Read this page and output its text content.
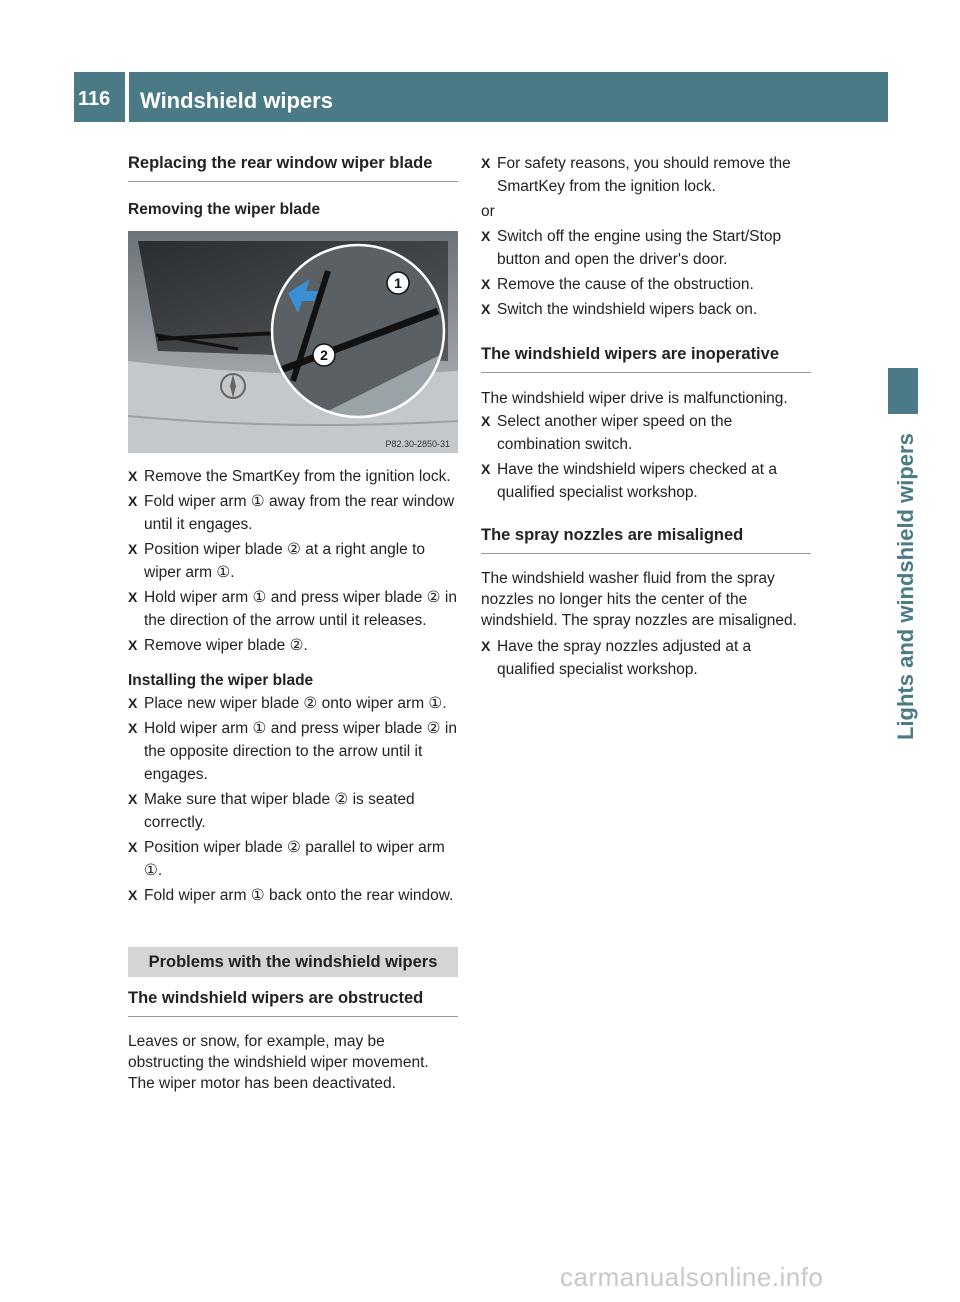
116 Windshield wipers
Lights and windshield wipers
Replacing the rear window wiper blade
Removing the wiper blade
1
2
P82.30-2850-31
X Remove the SmartKey from the ignition lock.
X Fold wiper arm ① away from the rear window until it engages.
X Position wiper blade ② at a right angle to wiper arm ①.
X Hold wiper arm ① and press wiper blade ② in the direction of the arrow until it releases.
X Remove wiper blade ②.
Installing the wiper blade
X Place new wiper blade ② onto wiper arm ①.
X Hold wiper arm ① and press wiper blade ② in the opposite direction to the arrow until it engages.
X Make sure that wiper blade ② is seated correctly.
X Position wiper blade ② parallel to wiper arm ①.
X Fold wiper arm ① back onto the rear window.
Problems with the windshield wipers
The windshield wipers are obstructed

Leaves or snow, for example, may be obstructing the windshield wiper movement. The wiper motor has been deactivated.

X For safety reasons, you should remove the SmartKey from the ignition lock.

or

X Switch off the engine using the Start/Stop button and open the driver's door.
X Remove the cause of the obstruction.
X Switch the windshield wipers back on.
The windshield wipers are inoperative

The windshield wiper drive is malfunctioning.

X Select another wiper speed on the combination switch.
X Have the windshield wipers checked at a qualified specialist workshop.
The spray nozzles are misaligned

The windshield washer fluid from the spray nozzles no longer hits the center of the windshield. The spray nozzles are misaligned.

X Have the spray nozzles adjusted at a qualified specialist workshop.
carmanualsonline.info
